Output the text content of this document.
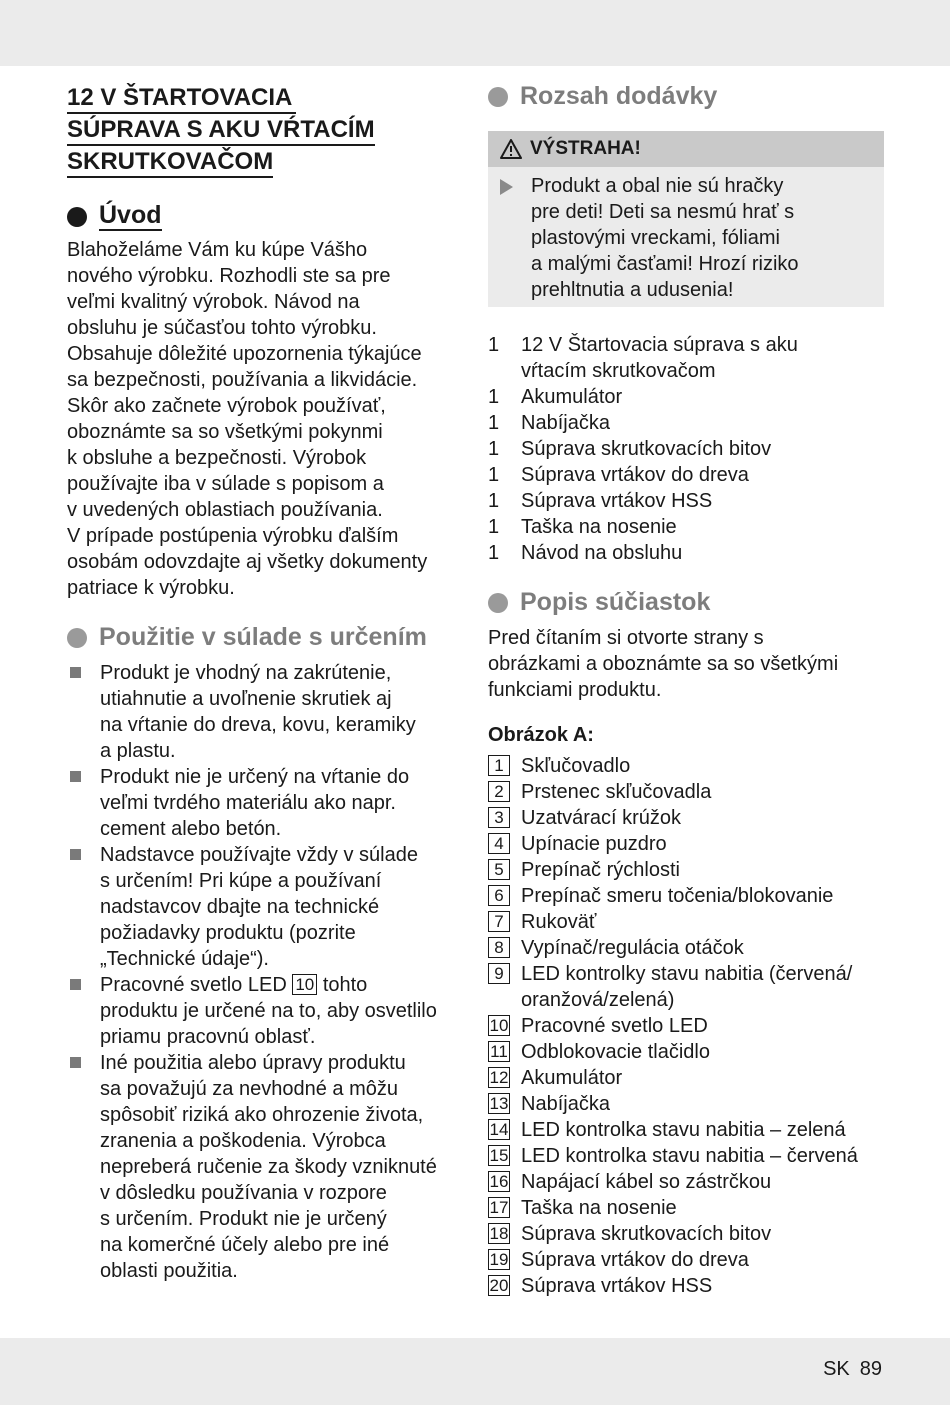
12 V ŠTARTOVACIA
SÚPRAVA S AKU VŔTACÍM
SKRUTKOVAČOM
Úvod

Blahoželáme Vám ku kúpe Vášho
nového výrobku. Rozhodli ste sa pre
veľmi kvalitný výrobok. Návod na
obsluhu je súčasťou tohto výrobku.
Obsahuje dôležité upozornenia týkajúce
sa bezpečnosti, používania a likvidácie.
Skôr ako začnete výrobok používať,
oboznámte sa so všetkými pokynmi
k obsluhe a bezpečnosti. Výrobok
používajte iba v súlade s popisom a
v uvedených oblastiach používania.
V prípade postúpenia výrobku ďalším
osobám odovzdajte aj všetky dokumenty
patriace k výrobku.

Použitie v súlade s určením
Produkt je vhodný na zakrútenie,
utiahnutie a uvoľnenie skrutiek aj
na vŕtanie do dreva, kovu, keramiky
a plastu.
Produkt nie je určený na vŕtanie do
veľmi tvrdého materiálu ako napr.
cement alebo betón.
Nadstavce používajte vždy v súlade
s určením! Pri kúpe a používaní
nadstavcov dbajte na technické
požiadavky produktu (pozrite
„Technické údaje“).
Pracovné svetlo LED 10 tohto
produktu je určené na to, aby osvetlilo
priamu pracovnú oblasť.
Iné použitia alebo úpravy produktu
sa považujú za nevhodné a môžu
spôsobiť riziká ako ohrozenie života,
zranenia a poškodenia. Výrobca
nepreberá ručenie za škody vzniknuté
v dôsledku používania v rozpore
s určením. Produkt nie je určený
na komerčné účely alebo pre iné
oblasti použitia.
Rozsah dodávky
VÝSTRAHA!
Produkt a obal nie sú hračky
pre deti! Deti sa nesmú hrať s
plastovými vreckami, fóliami
a malými časťami! Hrozí riziko
prehltnutia a udusenia!
1 12 V Štartovacia súprava s aku
vŕtacím skrutkovačom
1 Akumulátor
1 Nabíjačka
1 Súprava skrutkovacích bitov
1 Súprava vrtákov do dreva
1 Súprava vrtákov HSS
1 Taška na nosenie
1 Návod na obsluhu
Popis súčiastok

Pred čítaním si otvorte strany s
obrázkami a oboznámte sa so všetkými
funkciami produktu.

Obrázok A:

1 Skľučovadlo
2 Prstenec skľučovadla
3 Uzatvárací krúžok
4 Upínacie puzdro
5 Prepínač rýchlosti
6 Prepínač smeru točenia/blokovanie
7 Rukoväť
8 Vypínač/regulácia otáčok
9 LED kontrolky stavu nabitia (červená/
oranžová/zelená)
10 Pracovné svetlo LED
11 Odblokovacie tlačidlo
12 Akumulátor
13 Nabíjačka
14 LED kontrolka stavu nabitia – zelená
15 LED kontrolka stavu nabitia – červená
16 Napájací kábel so zástrčkou
17 Taška na nosenie
18 Súprava skrutkovacích bitov
19 Súprava vrtákov do dreva
20 Súprava vrtákov HSS
SK 89
